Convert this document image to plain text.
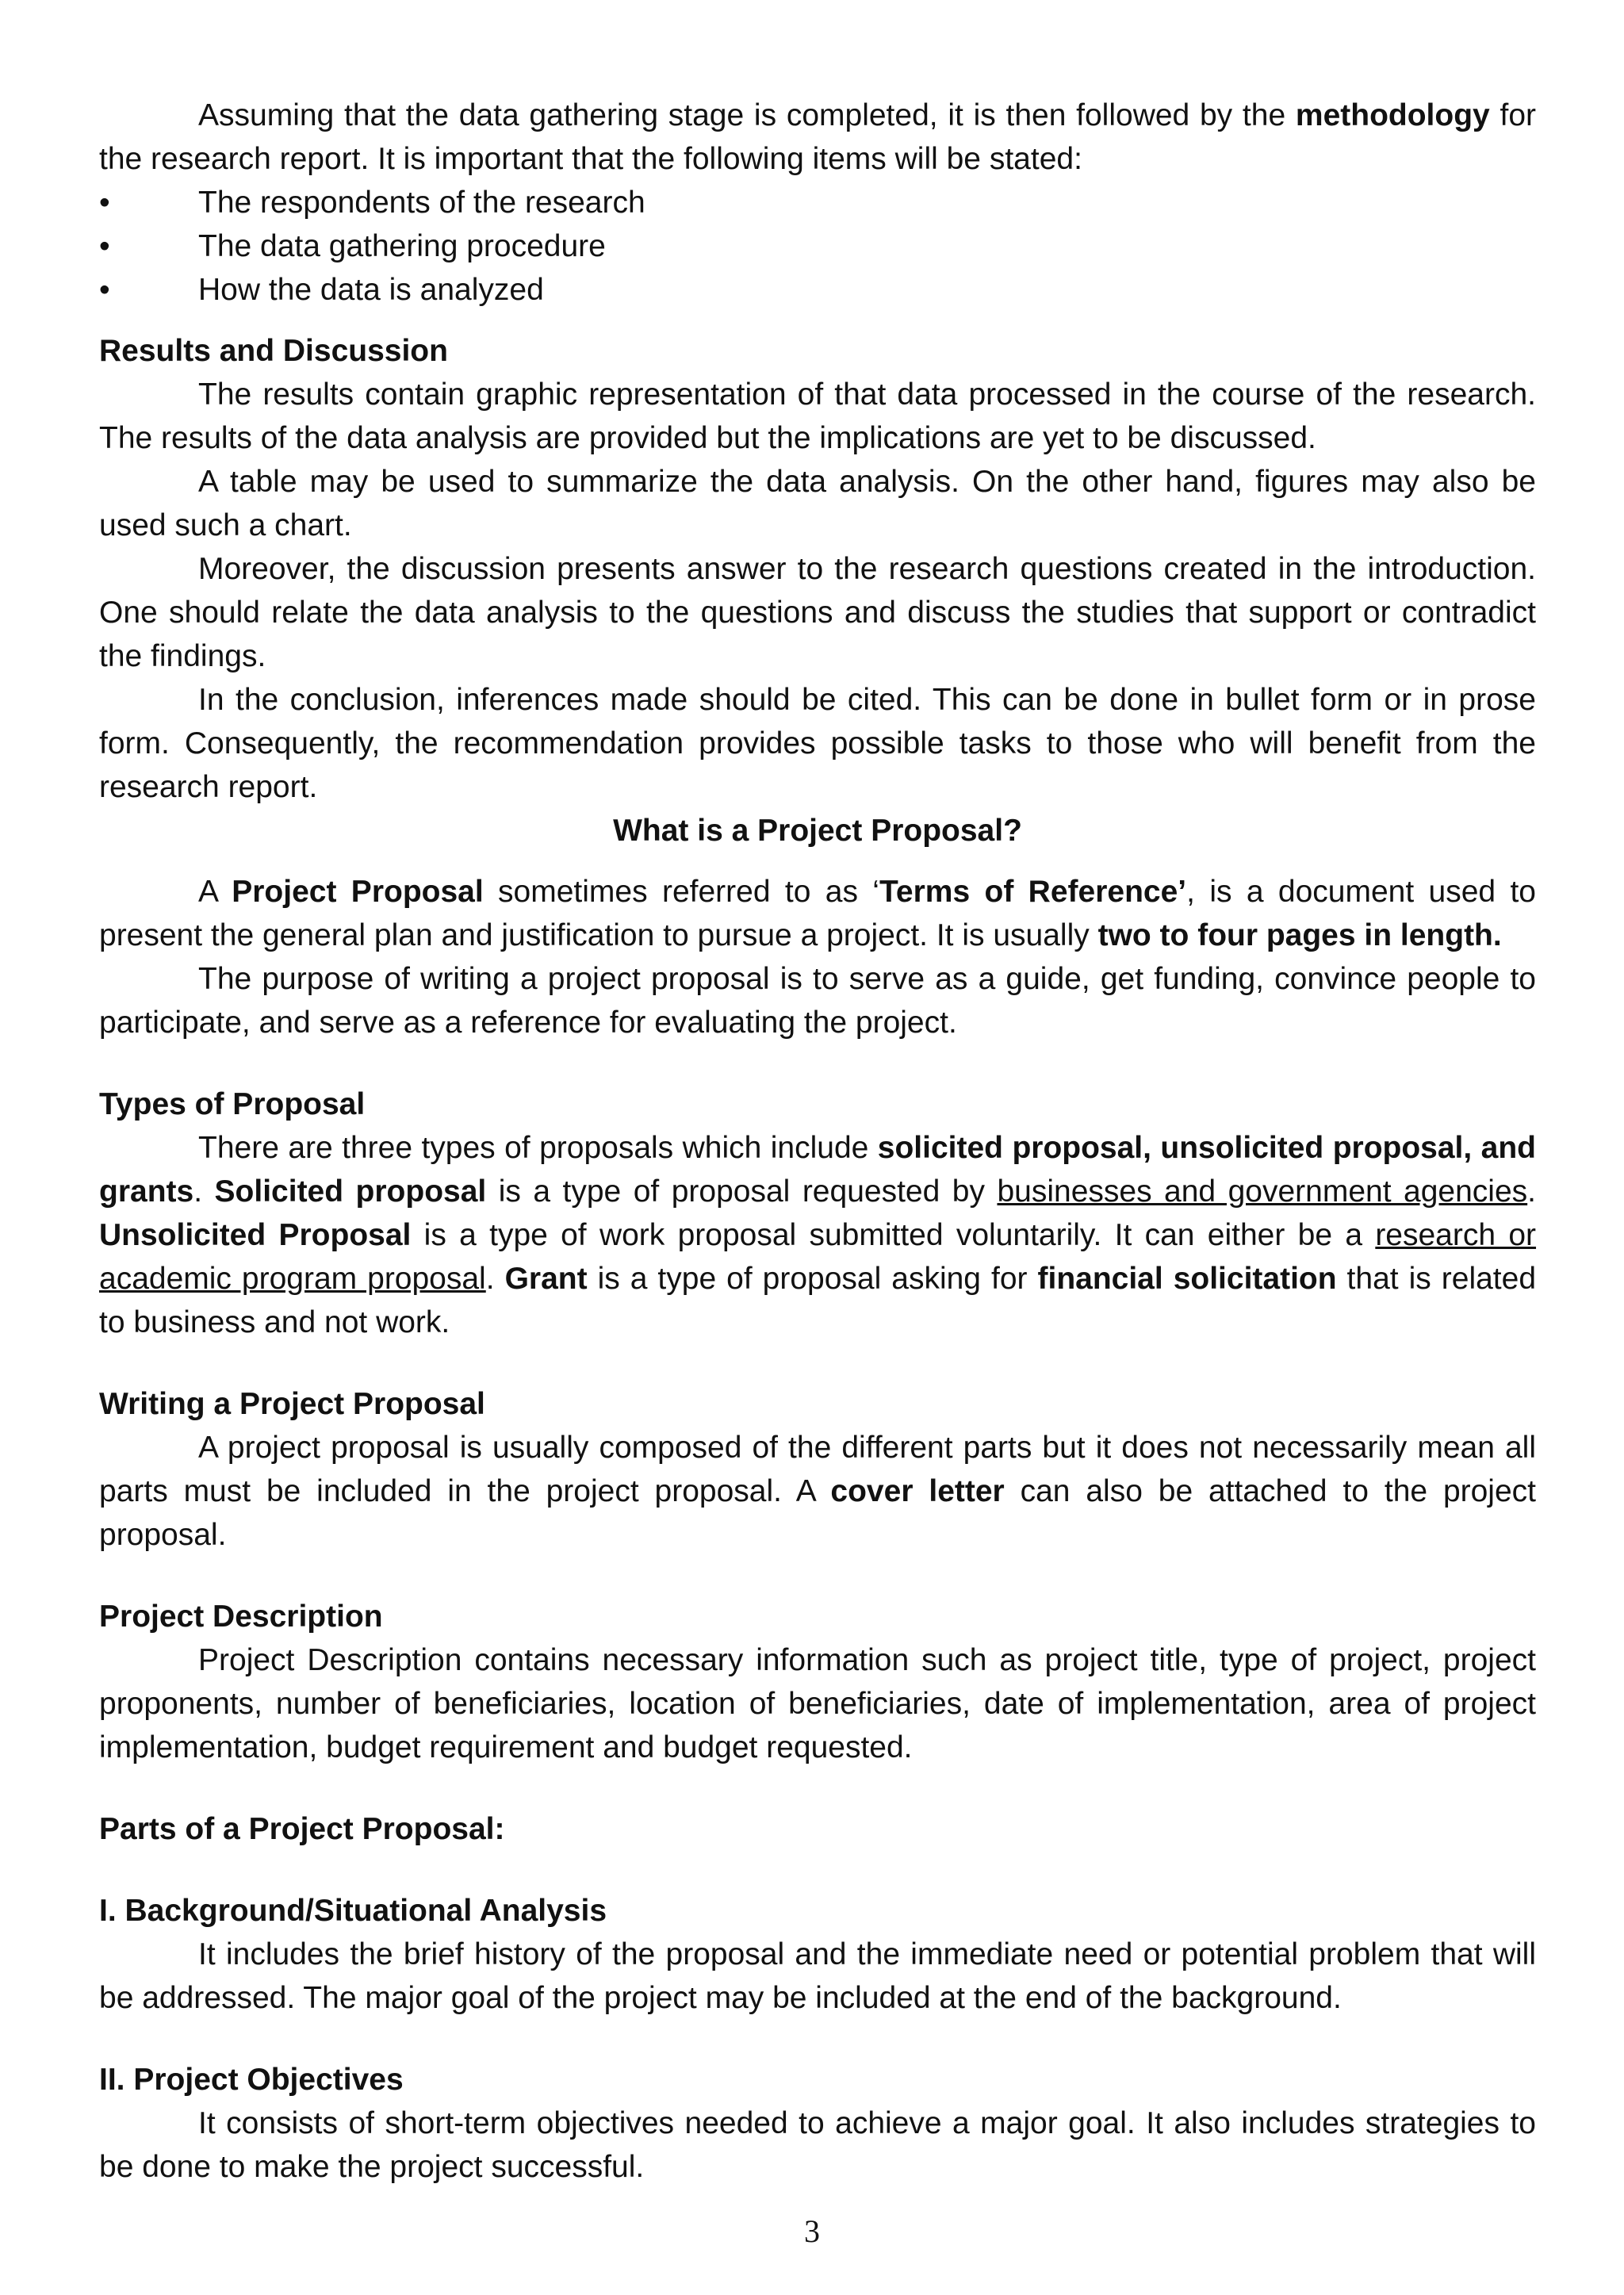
Assuming that the data gathering stage is completed, it is then followed by the methodology for the research report. It is important that the following items will be stated:

•	The respondents of the research
•	The data gathering procedure
•	How the data is analyzed

Results and Discussion

The results contain graphic representation of that data processed in the course of the research. The results of the data analysis are provided but the implications are yet to be discussed.

A table may be used to summarize the data analysis. On the other hand, figures may also be used such a chart.

Moreover, the discussion presents answer to the research questions created in the introduction. One should relate the data analysis to the questions and discuss the studies that support or contradict the findings.

In the conclusion, inferences made should be cited. This can be done in bullet form or in prose form. Consequently, the recommendation provides possible tasks to those who will benefit from the research report.

What is a Project Proposal?

A Project Proposal sometimes referred to as ‘Terms of Reference’, is a document used to present the general plan and justification to pursue a project. It is usually two to four pages in length.

The purpose of writing a project proposal is to serve as a guide, get funding, convince people to participate, and serve as a reference for evaluating the project.

Types of Proposal

There are three types of proposals which include solicited proposal, unsolicited proposal, and grants. Solicited proposal is a type of proposal requested by businesses and government agencies. Unsolicited Proposal is a type of work proposal submitted voluntarily. It can either be a research or academic program proposal. Grant is a type of proposal asking for financial solicitation that is related to business and not work.

Writing a Project Proposal

A project proposal is usually composed of the different parts but it does not necessarily mean all parts must be included in the project proposal. A cover letter can also be attached to the project proposal.

Project Description

Project Description contains necessary information such as project title, type of project, project proponents, number of beneficiaries, location of beneficiaries, date of implementation, area of project implementation, budget requirement and budget requested.

Parts of a Project Proposal:

I. Background/Situational Analysis

It includes the brief history of the proposal and the immediate need or potential problem that will be addressed. The major goal of the project may be included at the end of the background.

II. Project Objectives

It consists of short-term objectives needed to achieve a major goal. It also includes strategies to be done to make the project successful.

3
